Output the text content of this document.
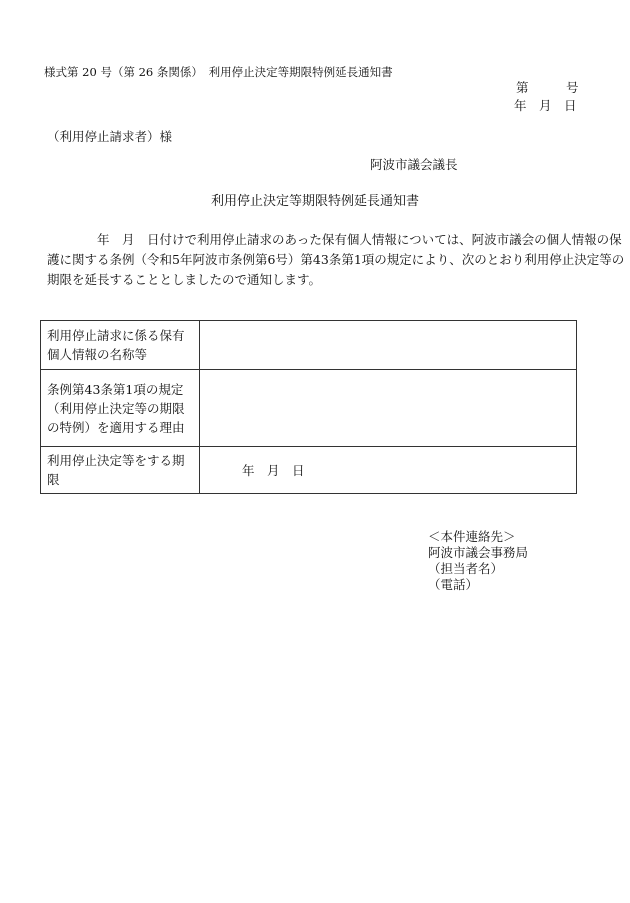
様式第 20 号（第 26 条関係）　利用停止決定等期限特例延長通知書
第　　　号
年　月　日
（利用停止請求者）様
阿波市議会議長
利用停止決定等期限特例延長通知書
　　　　年　月　日付けで利用停止請求のあった保有個人情報については、阿波市議会の個人情報の保
護に関する条例（令和5年阿波市条例第6号）第43条第1項の規定により、次のとおり利用停止決定等の
期限を延長することとしましたので通知します。
利用停止請求に係る保有個人情報の名称等	
条例第43条第1項の規定（利用停止決定等の期限の特例）を適用する理由	
利用停止決定等をする期限	年　月　日
＜本件連絡先＞
阿波市議会事務局
（担当者名）
（電話）
